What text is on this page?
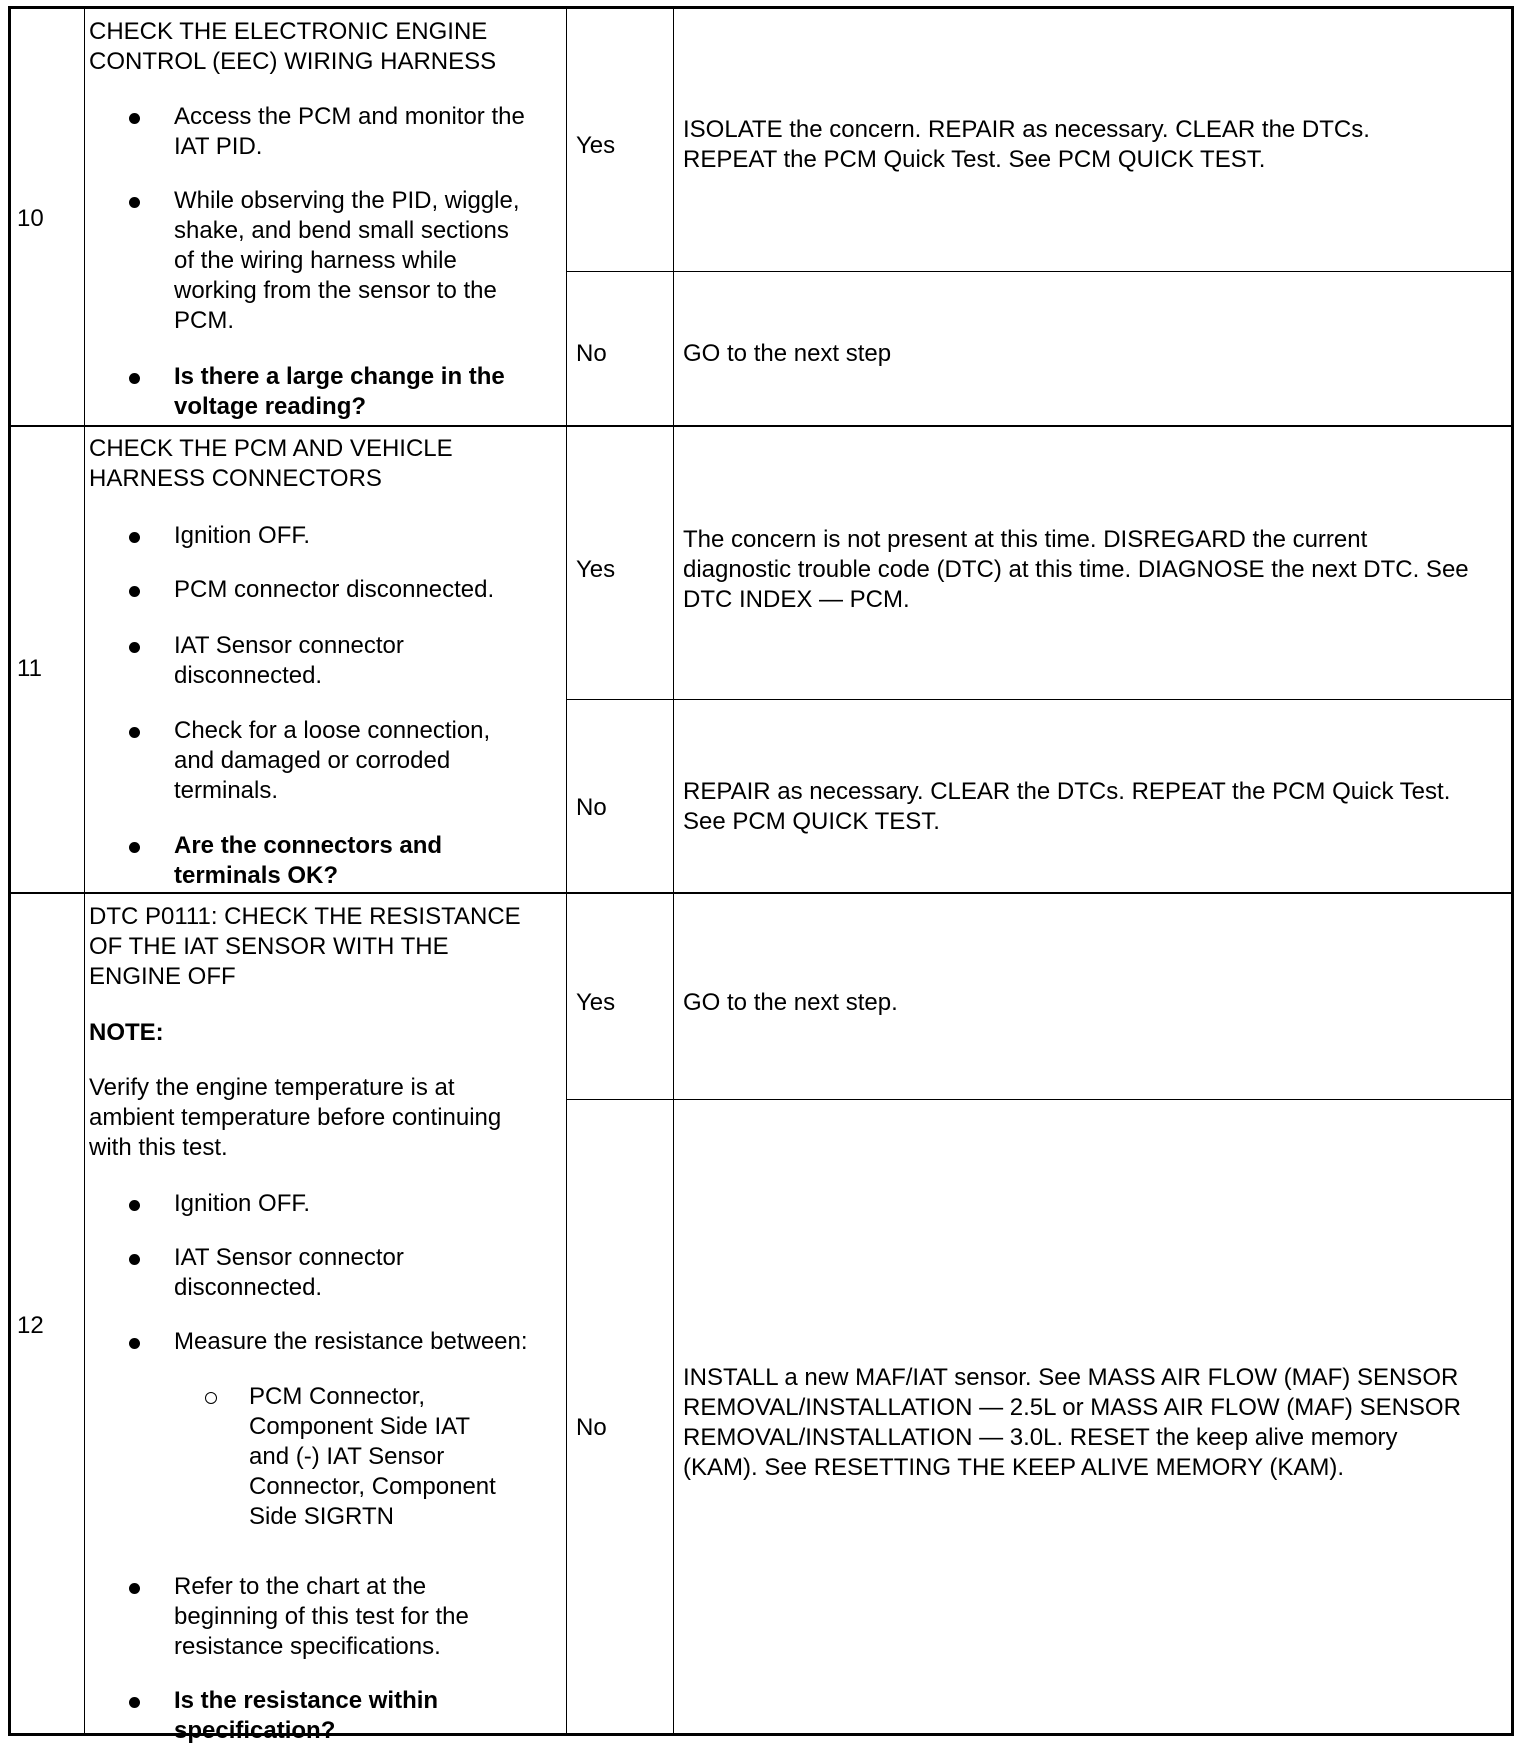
10
CHECK THE ELECTRONIC ENGINE
CONTROL (EEC) WIRING HARNESS
Access the PCM and monitor the
IAT PID.
While observing the PID, wiggle,
shake, and bend small sections
of the wiring harness while
working from the sensor to the
PCM.
Is there a large change in the
voltage reading?
Yes
ISOLATE the concern. REPAIR as necessary. CLEAR the DTCs.
REPEAT the PCM Quick Test. See PCM QUICK TEST.
No	GO to the next step
11
CHECK THE PCM AND VEHICLE
HARNESS CONNECTORS
Ignition OFF.
PCM connector disconnected.
IAT Sensor connector
disconnected.
Check for a loose connection,
and damaged or corroded
terminals.
Are the connectors and
terminals OK?
Yes
The concern is not present at this time. DISREGARD the current
diagnostic trouble code (DTC) at this time. DIAGNOSE the next DTC. See
DTC INDEX — PCM.
No
REPAIR as necessary. CLEAR the DTCs. REPEAT the PCM Quick Test.
See PCM QUICK TEST.
12
DTC P0111: CHECK THE RESISTANCE
OF THE IAT SENSOR WITH THE
ENGINE OFF
NOTE:
Verify the engine temperature is at
ambient temperature before continuing
with this test.
Ignition OFF.
IAT Sensor connector
disconnected.
Measure the resistance between:
PCM Connector,
Component Side IAT
and (-) IAT Sensor
Connector, Component
Side SIGRTN
Refer to the chart at the
beginning of this test for the
resistance specifications.
Is the resistance within
specification?
Yes	GO to the next step.
No
INSTALL a new MAF/IAT sensor. See MASS AIR FLOW (MAF) SENSOR
REMOVAL/INSTALLATION — 2.5L or MASS AIR FLOW (MAF) SENSOR
REMOVAL/INSTALLATION — 3.0L. RESET the keep alive memory
(KAM). See RESETTING THE KEEP ALIVE MEMORY (KAM).
